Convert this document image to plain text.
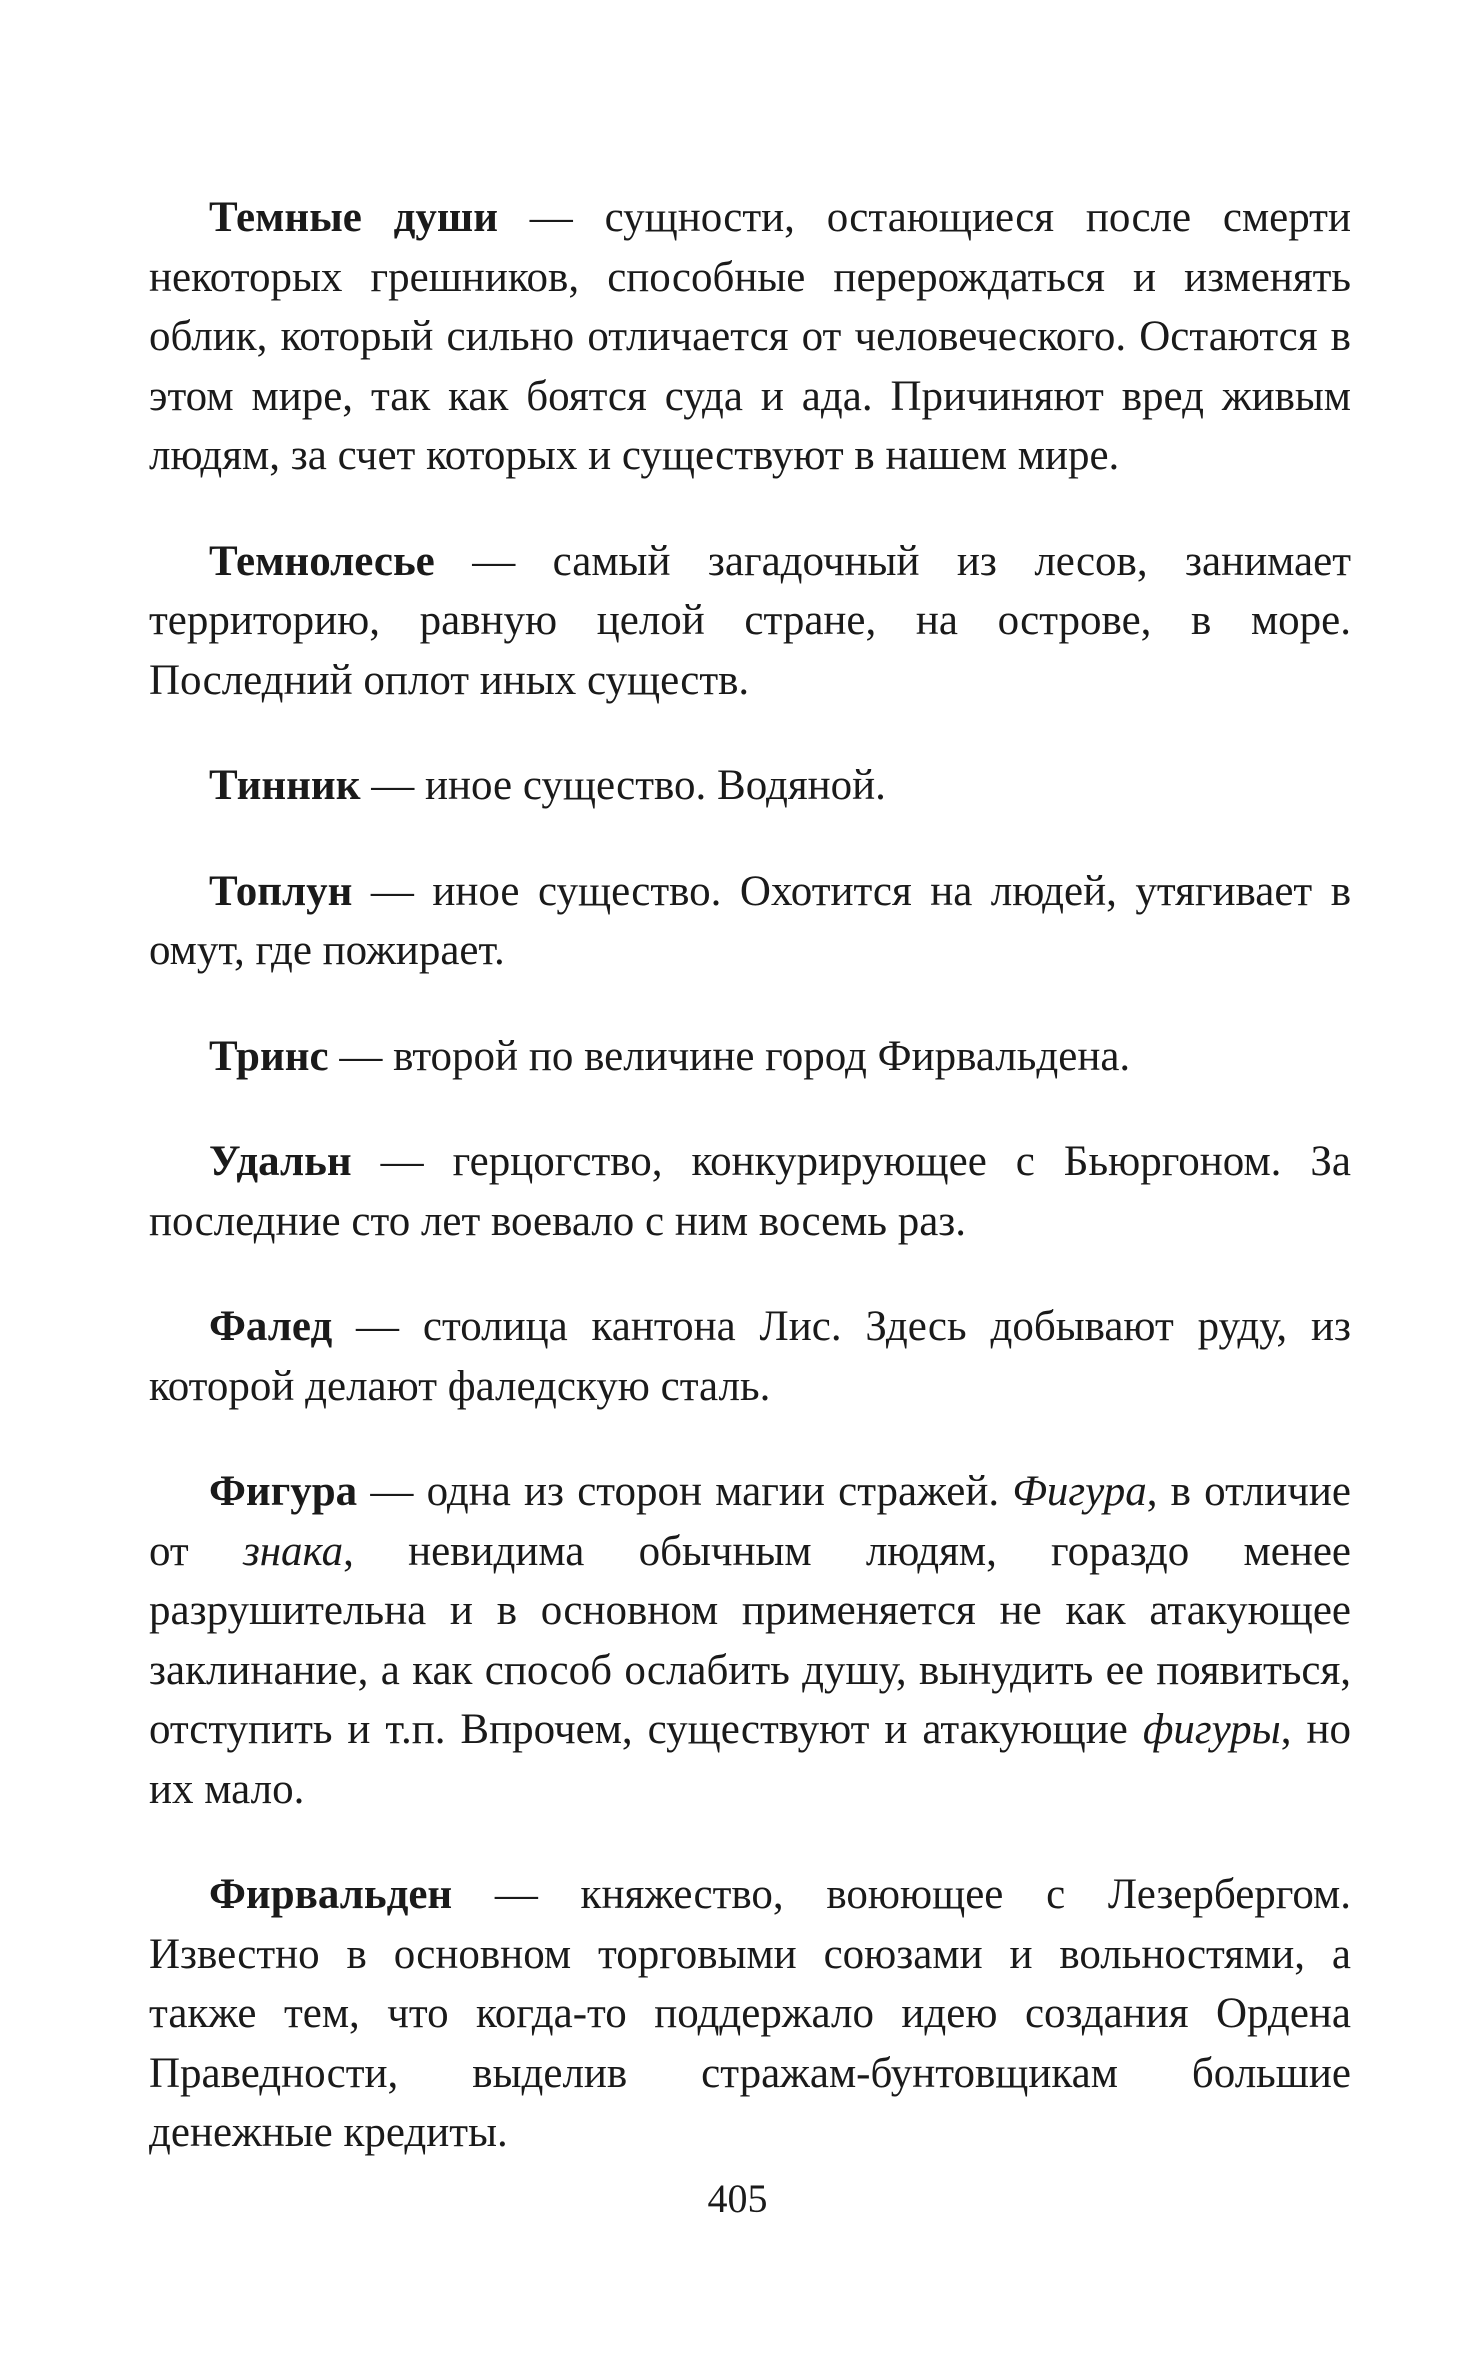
Темные души — сущности, остающиеся после смерти некоторых грешников, способные перерождаться и изменять облик, который сильно отличается от человеческого. Остаются в этом мире, так как боятся суда и ада. Причиняют вред живым людям, за счет которых и существуют в нашем мире.

Темнолесье — самый загадочный из лесов, занимает территорию, равную целой стране, на острове, в море. Последний оплот иных существ.

Тинник — иное существо. Водяной.

Топлун — иное существо. Охотится на людей, утягивает в омут, где пожирает.

Тринс — второй по величине город Фирвальдена.

Удальн — герцогство, конкурирующее с Бьюргоном. За последние сто лет воевало с ним восемь раз.

Фалед — столица кантона Лис. Здесь добывают руду, из которой делают фаледскую сталь.

Фигура — одна из сторон магии стражей. Фигура, в отличие от знака, невидима обычным людям, гораздо менее разрушительна и в основном применяется не как атакующее заклинание, а как способ ослабить душу, вынудить ее появиться, отступить и т.п. Впрочем, существуют и атакующие фигуры, но их мало.

Фирвальден — княжество, воюющее с Лезербергом. Известно в основном торговыми союзами и вольностями, а также тем, что когда-то поддержало идею создания Ордена Праведности, выделив стражам-бунтовщикам большие денежные кредиты.

405
